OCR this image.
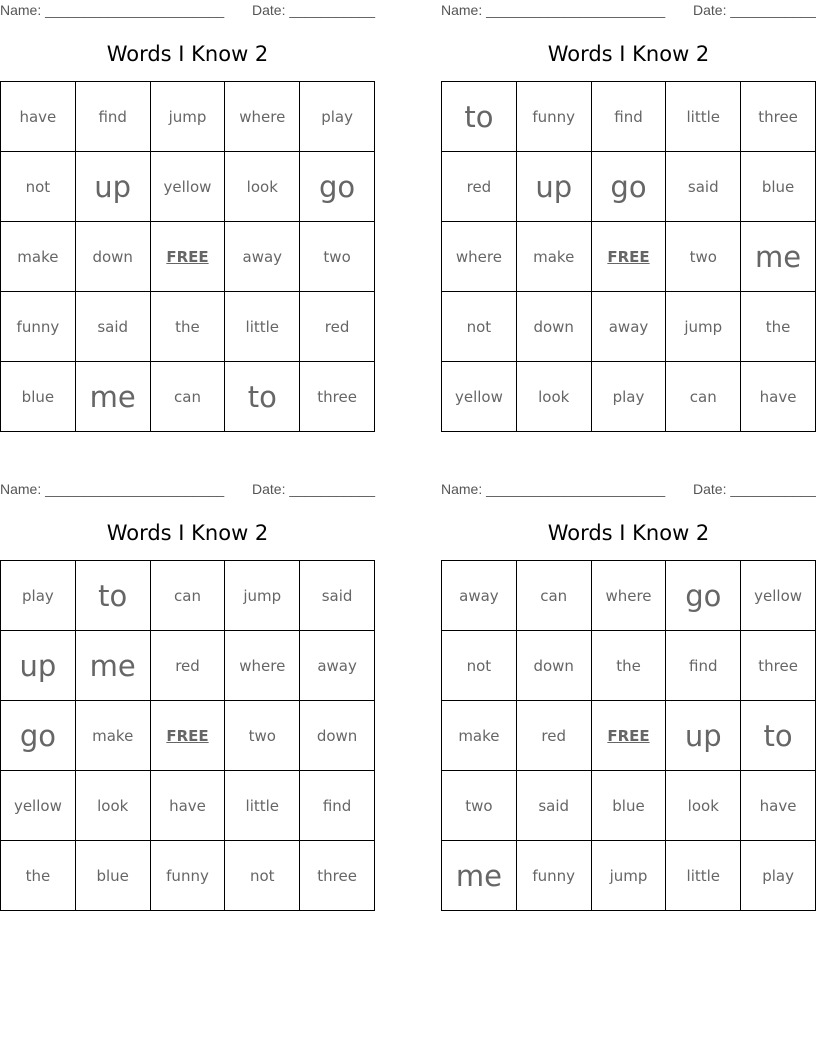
Name: _______________________ Date: ___________
Words I Know 2
have	find	jump	where	play
not	up	yellow	look	go
make	down	FREE	away	two
funny	said	the	little	red
blue	me	can	to	three
Name: _______________________ Date: ___________
Words I Know 2
to	funny	find	little	three
red	up	go	said	blue
where	make	FREE	two	me
not	down	away	jump	the
yellow	look	play	can	have
Name: _______________________ Date: ___________
Words I Know 2
play	to	can	jump	said
up	me	red	where	away
go	make	FREE	two	down
yellow	look	have	little	find
the	blue	funny	not	three
Name: _______________________ Date: ___________
Words I Know 2
away	can	where	go	yellow
not	down	the	find	three
make	red	FREE	up	to
two	said	blue	look	have
me	funny	jump	little	play
